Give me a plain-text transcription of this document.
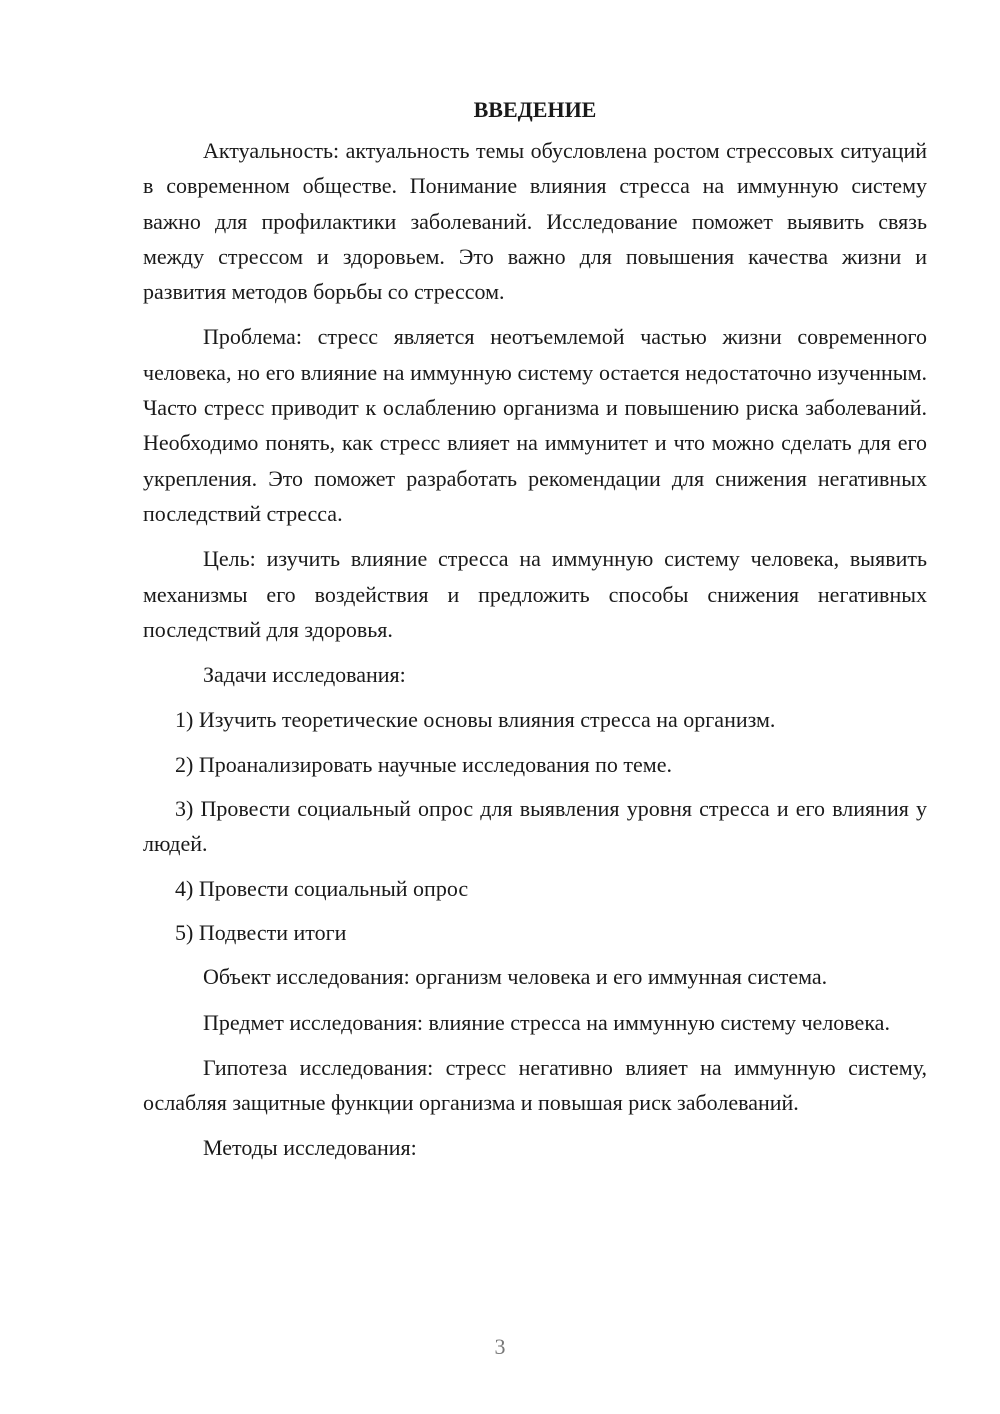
ВВЕДЕНИЕ

Актуальность: актуальность темы обусловлена ростом стрессовых ситуаций в современном обществе. Понимание влияния стресса на иммунную систему важно для профилактики заболеваний. Исследование поможет выявить связь между стрессом и здоровьем. Это важно для повышения качества жизни и развития методов борьбы со стрессом.

Проблема: стресс является неотъемлемой частью жизни современного человека, но его влияние на иммунную систему остается недостаточно изученным. Часто стресс приводит к ослаблению организма и повышению риска заболеваний. Необходимо понять, как стресс влияет на иммунитет и что можно сделать для его укрепления. Это поможет разработать рекомендации для снижения негативных последствий стресса.

Цель: изучить влияние стресса на иммунную систему человека, выявить механизмы его воздействия и предложить способы снижения негативных последствий для здоровья.

Задачи исследования:

1) Изучить теоретические основы влияния стресса на организм.

2) Проанализировать научные исследования по теме.

3) Провести социальный опрос для выявления уровня стресса и его влияния у людей.

4) Провести социальный опрос

5) Подвести итоги

Объект исследования: организм человека и его иммунная система.

Предмет исследования: влияние стресса на иммунную систему человека.

Гипотеза исследования: стресс негативно влияет на иммунную систему, ослабляя защитные функции организма и повышая риск заболеваний.

Методы исследования:

3
